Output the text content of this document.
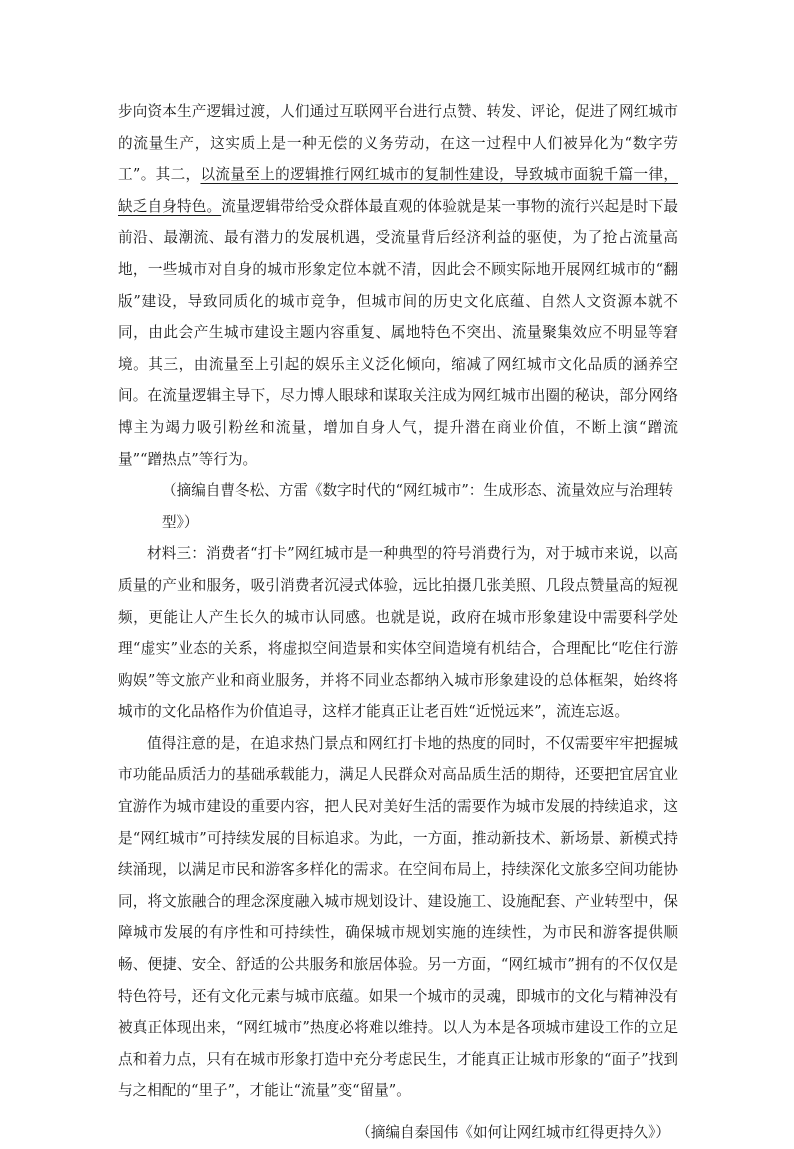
步向资本生产逻辑过渡，人们通过互联网平台进行点赞、转发、评论，促进了网红城市的流量生产，这实质上是一种无偿的义务劳动，在这一过程中人们被异化为“数字劳工”。其二，以流量至上的逻辑推行网红城市的复制性建设，导致城市面貌千篇一律，缺乏自身特色。流量逻辑带给受众群体最直观的体验就是某一事物的流行兴起是时下最前沿、最潮流、最有潜力的发展机遇，受流量背后经济利益的驱使，为了抢占流量高地，一些城市对自身的城市形象定位本就不清，因此会不顾实际地开展网红城市的“翻版”建设，导致同质化的城市竞争，但城市间的历史文化底蕴、自然人文资源本就不同，由此会产生城市建设主题内容重复、属地特色不突出、流量聚集效应不明显等窘境。其三，由流量至上引起的娱乐主义泛化倾向，缩减了网红城市文化品质的涵养空间。在流量逻辑主导下，尽力博人眼球和谋取关注成为网红城市出圈的秘诀，部分网络博主为竭力吸引粉丝和流量，增加自身人气，提升潜在商业价值，不断上演“蹭流量”“蹭热点”等行为。

（摘编自曹冬松、方雷《数字时代的“网红城市”：生成形态、流量效应与治理转型》）

材料三：消费者“打卡”网红城市是一种典型的符号消费行为，对于城市来说，以高质量的产业和服务，吸引消费者沉浸式体验，远比拍摄几张美照、几段点赞量高的短视频，更能让人产生长久的城市认同感。也就是说，政府在城市形象建设中需要科学处理“虚实”业态的关系，将虚拟空间造景和实体空间造境有机结合，合理配比“吃住行游购娱”等文旅产业和商业服务，并将不同业态都纳入城市形象建设的总体框架，始终将城市的文化品格作为价值追寻，这样才能真正让老百姓“近悦远来”，流连忘返。

值得注意的是，在追求热门景点和网红打卡地的热度的同时，不仅需要牢牢把握城市功能品质活力的基础承载能力，满足人民群众对高品质生活的期待，还要把宜居宜业宜游作为城市建设的重要内容，把人民对美好生活的需要作为城市发展的持续追求，这是“网红城市”可持续发展的目标追求。为此，一方面，推动新技术、新场景、新模式持续涌现，以满足市民和游客多样化的需求。在空间布局上，持续深化文旅多空间功能协同，将文旅融合的理念深度融入城市规划设计、建设施工、设施配套、产业转型中，保障城市发展的有序性和可持续性，确保城市规划实施的连续性，为市民和游客提供顺畅、便捷、安全、舒适的公共服务和旅居体验。另一方面，“网红城市”拥有的不仅仅是特色符号，还有文化元素与城市底蕴。如果一个城市的灵魂，即城市的文化与精神没有被真正体现出来，“网红城市”热度必将难以维持。以人为本是各项城市建设工作的立足点和着力点，只有在城市形象打造中充分考虑民生，才能真正让城市形象的“面子”找到与之相配的“里子”，才能让“流量”变“留量”。

（摘编自秦国伟《如何让网红城市红得更持久》）
